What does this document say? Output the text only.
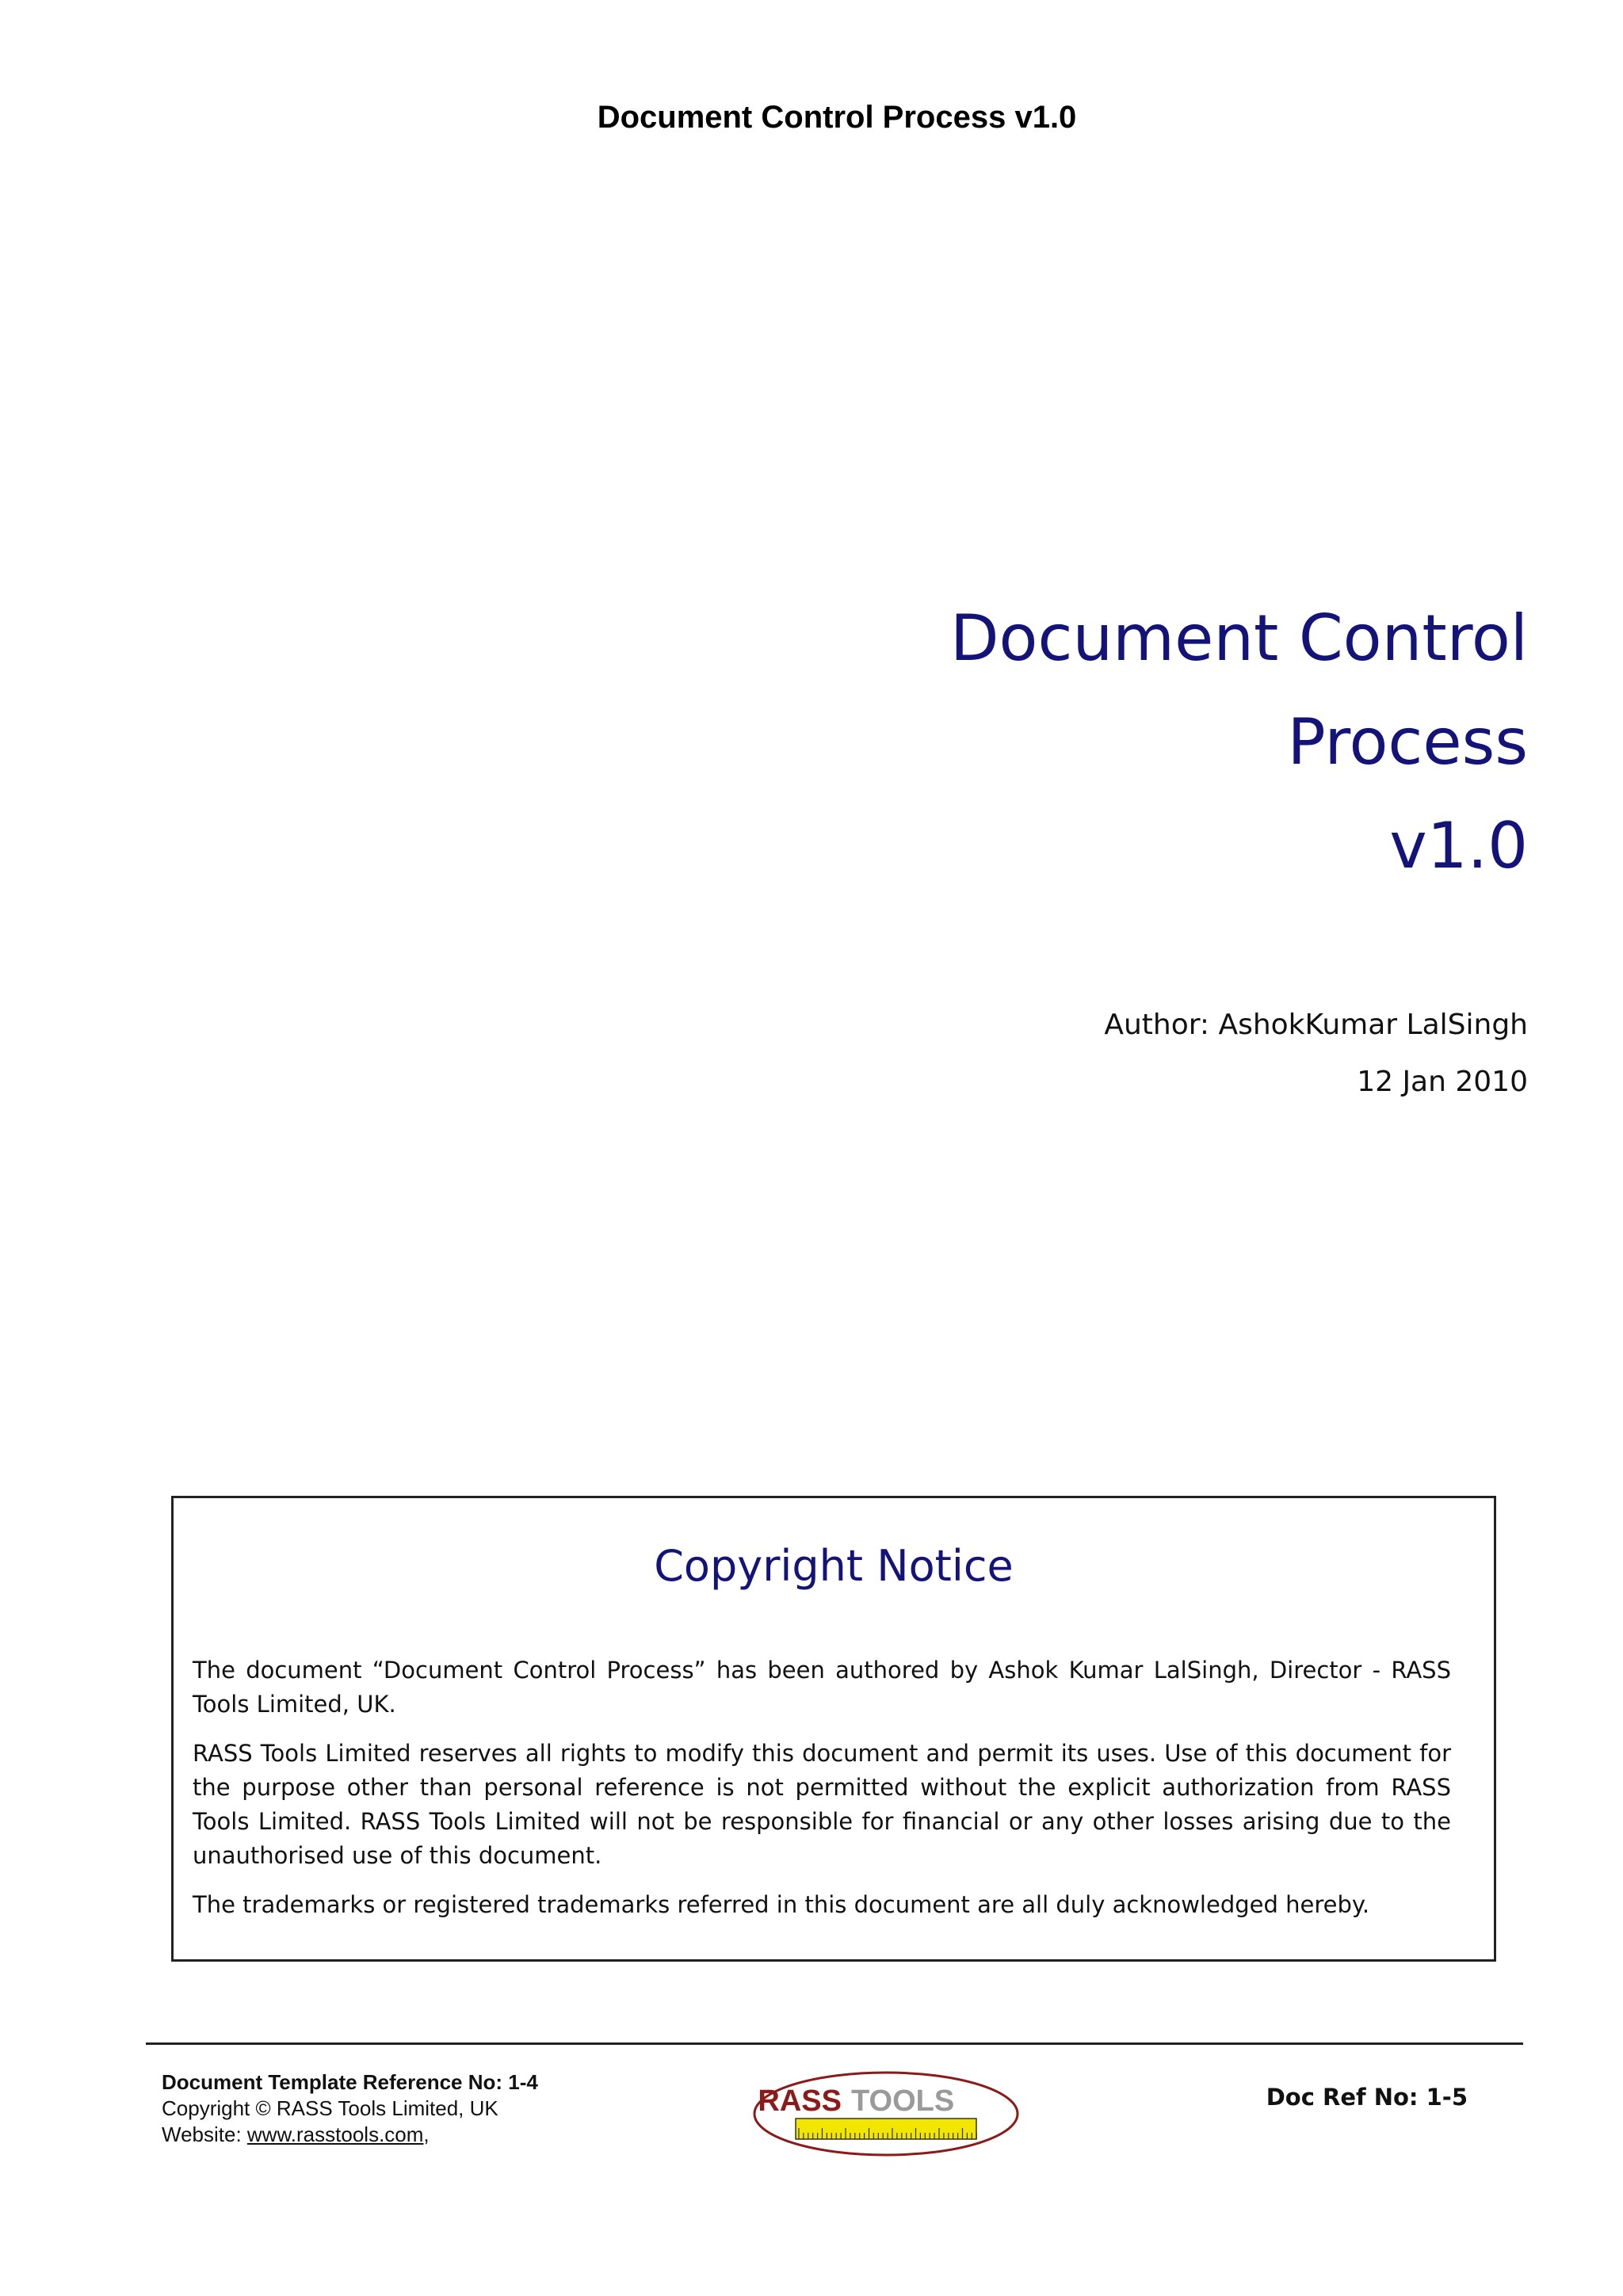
Document Control Process v1.0
Document Control
Process
v1.0
Author: AshokKumar LalSingh
12 Jan 2010
Copyright Notice

The document “Document Control Process” has been authored by Ashok Kumar LalSingh, Director - RASS Tools Limited, UK.

RASS Tools Limited reserves all rights to modify this document and permit its uses. Use of this document for the purpose other than personal reference is not permitted without the explicit authorization from RASS Tools Limited. RASS Tools Limited will not be responsible for financial or any other losses arising due to the unauthorised use of this document.

The trademarks or registered trademarks referred in this document are all duly acknowledged hereby.

Document Template Reference No: 1-4
Copyright © RASS Tools Limited, UK
Website: www.rasstools.com,
RASS TOOLS	Doc Ref No: 1-5
